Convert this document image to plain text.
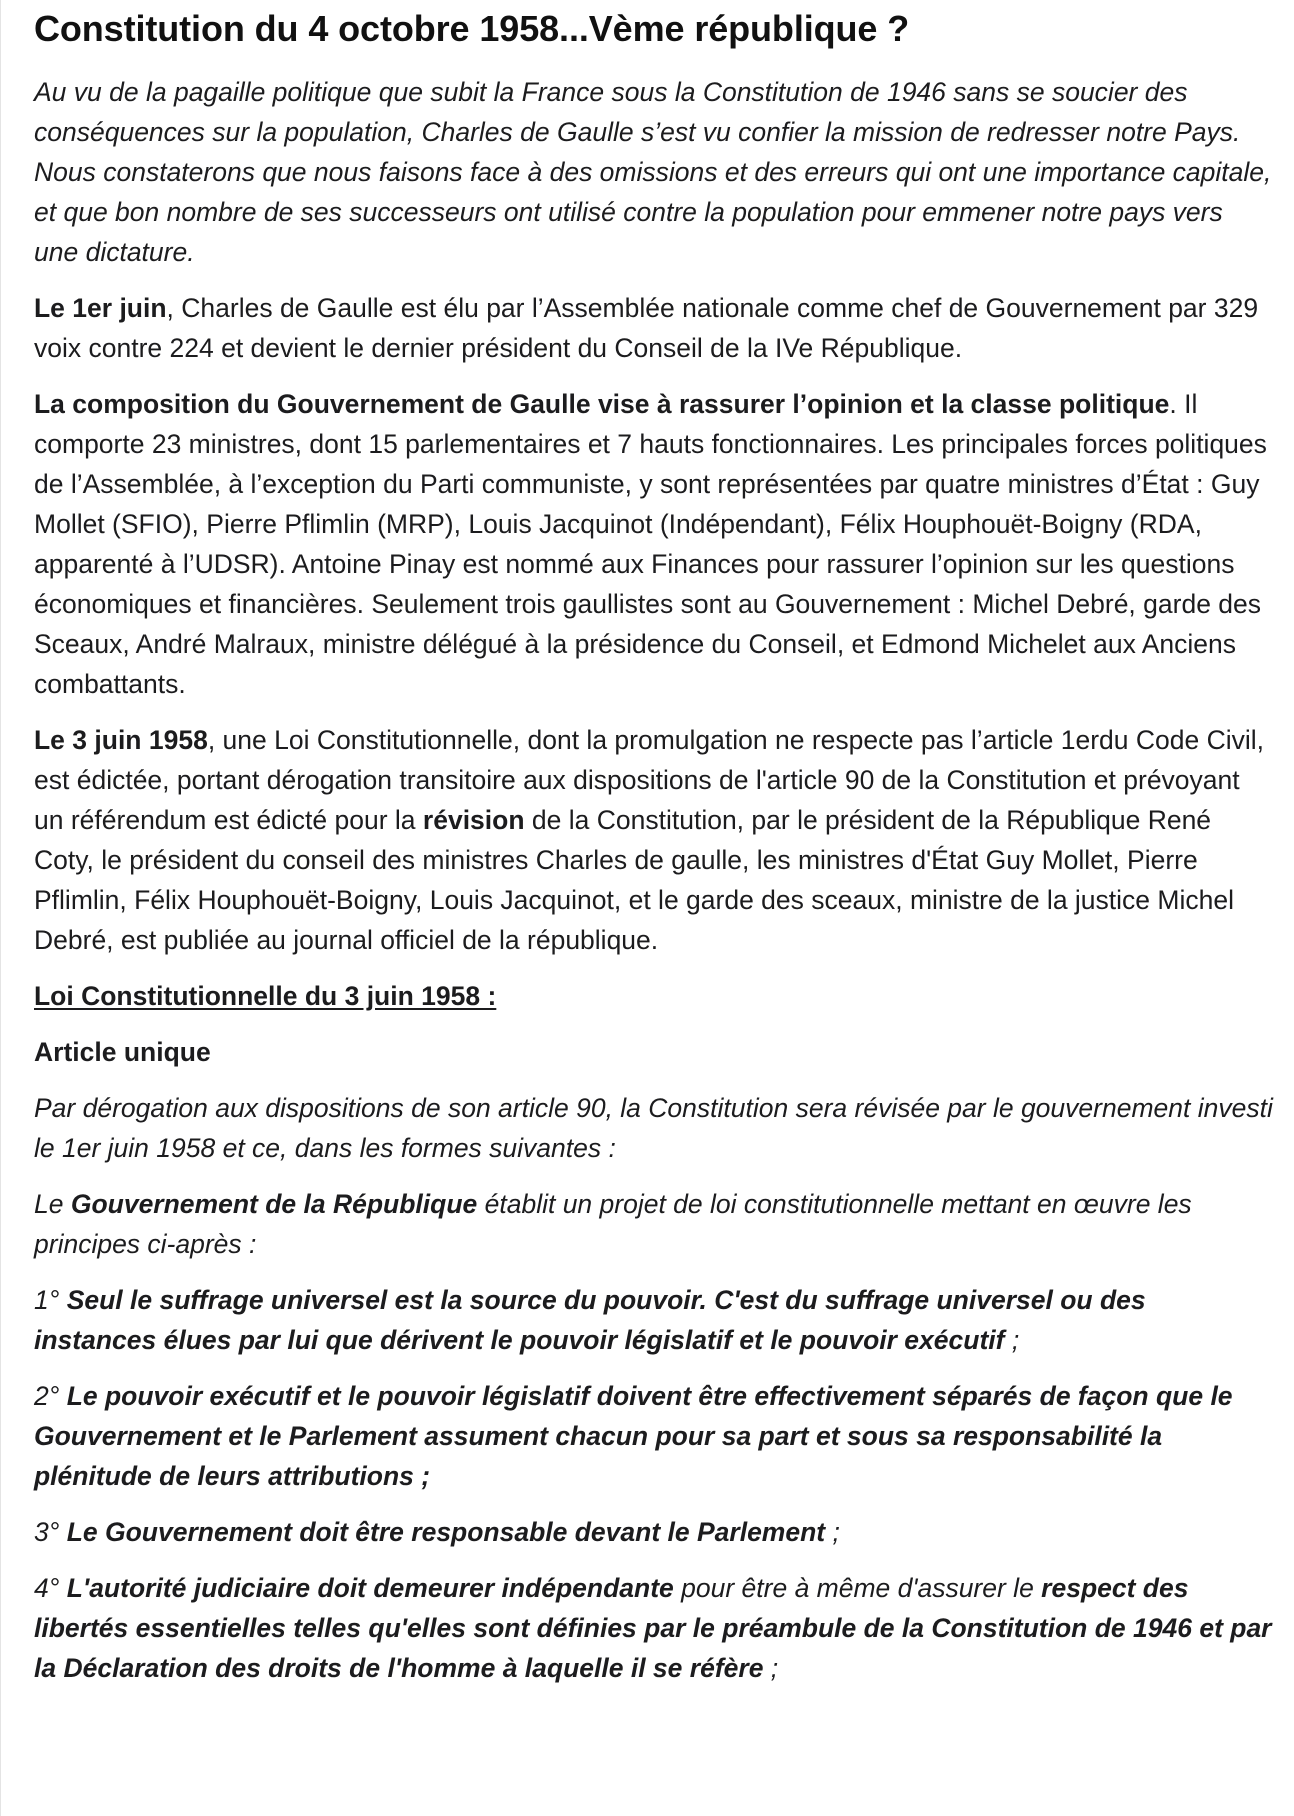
Constitution du 4 octobre 1958...Vème république ?

Au vu de la pagaille politique que subit la France sous la Constitution de 1946 sans se soucier des conséquences sur la population, Charles de Gaulle s’est vu confier la mission de redresser notre Pays. Nous constaterons que nous faisons face à des omissions et des erreurs qui ont une importance capitale, et que bon nombre de ses successeurs ont utilisé contre la population pour emmener notre pays vers une dictature.

Le 1er juin, Charles de Gaulle est élu par l’Assemblée nationale comme chef de Gouvernement par 329 voix contre 224 et devient le dernier président du Conseil de la IVe République.

La composition du Gouvernement de Gaulle vise à rassurer l’opinion et la classe politique. Il comporte 23 ministres, dont 15 parlementaires et 7 hauts fonctionnaires. Les principales forces politiques de l’Assemblée, à l’exception du Parti communiste, y sont représentées par quatre ministres d’État : Guy Mollet (SFIO), Pierre Pflimlin (MRP), Louis Jacquinot (Indépendant), Félix Houphouët-Boigny (RDA, apparenté à l’UDSR). Antoine Pinay est nommé aux Finances pour rassurer l’opinion sur les questions économiques et financières. Seulement trois gaullistes sont au Gouvernement : Michel Debré, garde des Sceaux, André Malraux, ministre délégué à la présidence du Conseil, et Edmond Michelet aux Anciens combattants.

Le 3 juin 1958, une Loi Constitutionnelle, dont la promulgation ne respecte pas l’article 1erdu Code Civil, est édictée, portant dérogation transitoire aux dispositions de l'article 90 de la Constitution et prévoyant un référendum est édicté pour la révision de la Constitution, par le président de la République René Coty, le président du conseil des ministres Charles de gaulle, les ministres d'État Guy Mollet, Pierre Pflimlin, Félix Houphouët-Boigny, Louis Jacquinot, et le garde des sceaux, ministre de la justice Michel Debré, est publiée au journal officiel de la république.

Loi Constitutionnelle du 3 juin 1958 :

Article unique

Par dérogation aux dispositions de son article 90, la Constitution sera révisée par le gouvernement investi le 1er juin 1958 et ce, dans les formes suivantes :

Le Gouvernement de la République établit un projet de loi constitutionnelle mettant en œuvre les principes ci-après :

1° Seul le suffrage universel est la source du pouvoir. C'est du suffrage universel ou des instances élues par lui que dérivent le pouvoir législatif et le pouvoir exécutif ;

2° Le pouvoir exécutif et le pouvoir législatif doivent être effectivement séparés de façon que le Gouvernement et le Parlement assument chacun pour sa part et sous sa responsabilité la plénitude de leurs attributions ;

3° Le Gouvernement doit être responsable devant le Parlement ;

4° L'autorité judiciaire doit demeurer indépendante pour être à même d'assurer le respect des libertés essentielles telles qu'elles sont définies par le préambule de la Constitution de 1946 et par la Déclaration des droits de l'homme à laquelle il se réfère ;
